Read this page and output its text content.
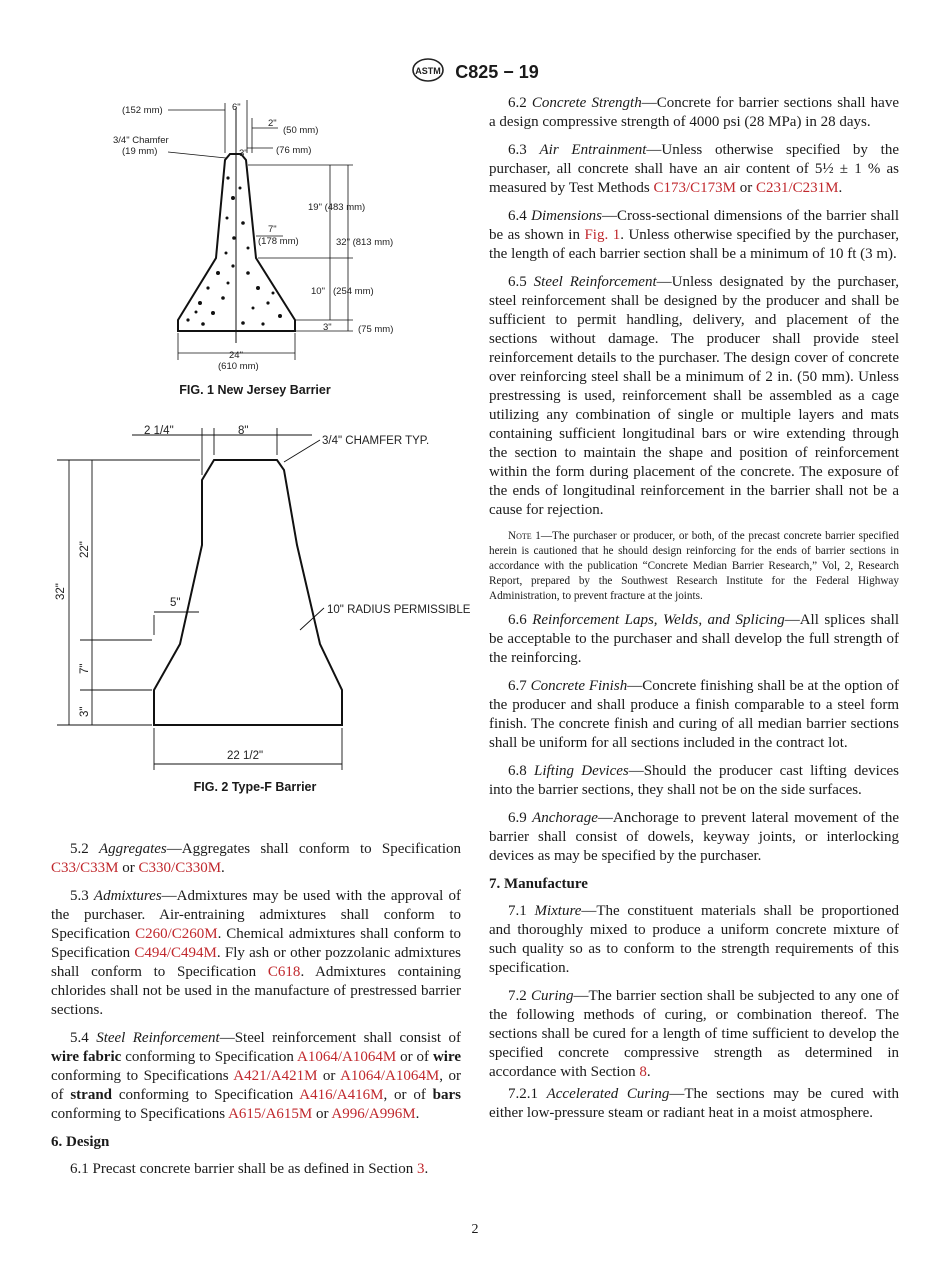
ASTM C825 − 19
(152 mm)	6"
3/4" Chamfer
(19 mm)
2"
(50 mm)
3"	(76 mm)
19" (483 mm)
7"
(178 mm)	32" (813 mm)
10" (254 mm)
3"	(75 mm)
24"
(610 mm)
FIG. 1 New Jersey Barrier
2 1/4"	8"
3/4" CHAMFER TYP.
32"
22"
7"
3"
5"
10" RADIUS PERMISSIBLE
22 1/2"
FIG. 2 Type-F Barrier

5.2 Aggregates—Aggregates shall conform to Specification C33/C33M or C330/C330M.

5.3 Admixtures—Admixtures may be used with the approval of the purchaser. Air-entraining admixtures shall conform to Specification C260/C260M. Chemical admixtures shall conform to Specification C494/C494M. Fly ash or other pozzolanic admixtures shall conform to Specification C618. Admixtures containing chlorides shall not be used in the manufacture of prestressed barrier sections.

5.4 Steel Reinforcement—Steel reinforcement shall consist of wire fabric conforming to Specification A1064/A1064M or of wire conforming to Specifications A421/A421M or A1064/A1064M, or of strand conforming to Specification A416/A416M, or of bars conforming to Specifications A615/A615M or A996/A996M.

6. Design

6.1 Precast concrete barrier shall be as defined in Section 3.

6.2 Concrete Strength—Concrete for barrier sections shall have a design compressive strength of 4000 psi (28 MPa) in 28 days.

6.3 Air Entrainment—Unless otherwise specified by the purchaser, all concrete shall have an air content of 5½ ± 1 % as measured by Test Methods C173/C173M or C231/C231M.

6.4 Dimensions—Cross-sectional dimensions of the barrier shall be as shown in Fig. 1. Unless otherwise specified by the purchaser, the length of each barrier section shall be a minimum of 10 ft (3 m).

6.5 Steel Reinforcement—Unless designated by the purchaser, steel reinforcement shall be designed by the producer and shall be sufficient to permit handling, delivery, and placement of the sections without damage. The producer shall provide steel reinforcement details to the purchaser. The design cover of concrete over reinforcing steel shall be a minimum of 2 in. (50 mm). Unless prestressing is used, reinforcement shall be assembled as a cage utilizing any combination of single or multiple layers and mats containing sufficient longitudinal bars or wire extending through the section to maintain the shape and position of reinforcement within the form during placement of the concrete. The exposure of the ends of longitudinal reinforcement in the barrier shall not be a cause for rejection.

Note 1—The purchaser or producer, or both, of the precast concrete barrier specified herein is cautioned that he should design reinforcing for the ends of barrier sections in accordance with the publication “Concrete Median Barrier Research,” Vol, 2, Research Report, prepared by the Southwest Research Institute for the Federal Highway Administration, to prevent fracture at the joints.

6.6 Reinforcement Laps, Welds, and Splicing—All splices shall be acceptable to the purchaser and shall develop the full strength of the reinforcing.

6.7 Concrete Finish—Concrete finishing shall be at the option of the producer and shall produce a finish comparable to a steel form finish. The concrete finish and curing of all median barrier sections shall be uniform for all sections included in the contract lot.

6.8 Lifting Devices—Should the producer cast lifting devices into the barrier sections, they shall not be on the side surfaces.

6.9 Anchorage—Anchorage to prevent lateral movement of the barrier shall consist of dowels, keyway joints, or interlocking devices as may be specified by the purchaser.

7. Manufacture

7.1 Mixture—The constituent materials shall be proportioned and thoroughly mixed to produce a uniform concrete mixture of such quality so as to conform to the strength requirements of this specification.

7.2 Curing—The barrier section shall be subjected to any one of the following methods of curing, or combination thereof. The sections shall be cured for a length of time sufficient to develop the specified concrete compressive strength as determined in accordance with Section 8.

7.2.1 Accelerated Curing—The sections may be cured with either low-pressure steam or radiant heat in a moist atmosphere.

2
